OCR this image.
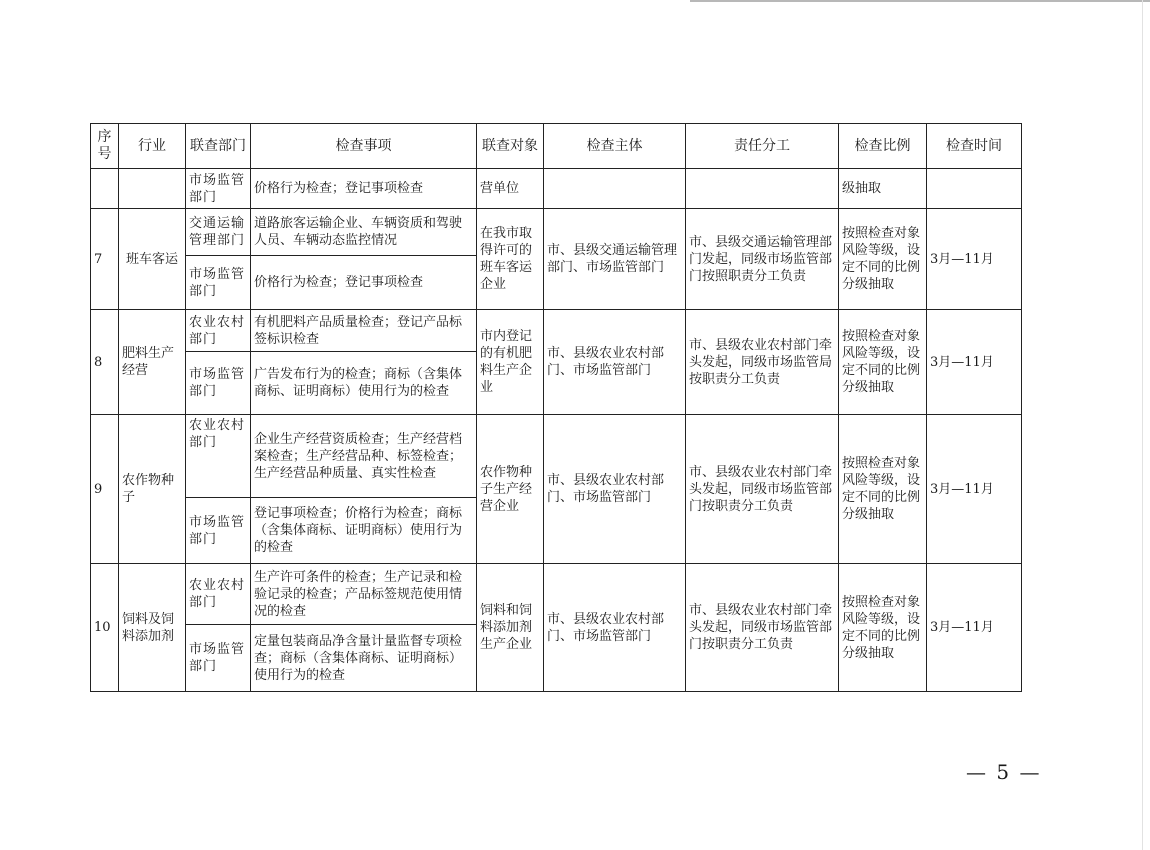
序号	行业	联查部门	检查事项	联查对象	检查主体	责任分工	检查比例	检查时间
		市场监管部门	价格行为检查；登记事项检查	营单位			级抽取	
7	班车客运	交通运输管理部门	道路旅客运输企业、车辆资质和驾驶人员、车辆动态监控情况	在我市取得许可的班车客运企业	市、县级交通运输管理部门、市场监管部门	市、县级交通运输管理部门发起，同级市场监管部门按照职责分工负责	按照检查对象风险等级，设定不同的比例分级抽取	3月—11月
		市场监管部门	价格行为检查；登记事项检查					
8	肥料生产经营	农业农村部门	有机肥料产品质量检查；登记产品标签标识检查	市内登记的有机肥料生产企业	市、县级农业农村部门、市场监管部门	市、县级农业农村部门牵头发起，同级市场监管局按职责分工负责	按照检查对象风险等级，设定不同的比例分级抽取	3月—11月
		市场监管部门	广告发布行为的检查；商标（含集体商标、证明商标）使用行为的检查					
9	农作物种子	农业农村部门	企业生产经营资质检查；生产经营档案检查；生产经营品种、标签检查；生产经营品种质量、真实性检查	农作物种子生产经营企业	市、县级农业农村部门、市场监管部门	市、县级农业农村部门牵头发起，同级市场监管部门按职责分工负责	按照检查对象风险等级，设定不同的比例分级抽取	3月—11月
		市场监管部门	登记事项检查；价格行为检查；商标（含集体商标、证明商标）使用行为的检查					
10	饲料及饲料添加剂	农业农村部门	生产许可条件的检查；生产记录和检验记录的检查；产品标签规范使用情况的检查	饲料和饲料添加剂生产企业	市、县级农业农村部门、市场监管部门	市、县级农业农村部门牵头发起，同级市场监管部门按职责分工负责	按照检查对象风险等级，设定不同的比例分级抽取	3月—11月
		市场监管部门	定量包装商品净含量计量监督专项检查；商标（含集体商标、证明商标）使用行为的检查					
— 5 —
